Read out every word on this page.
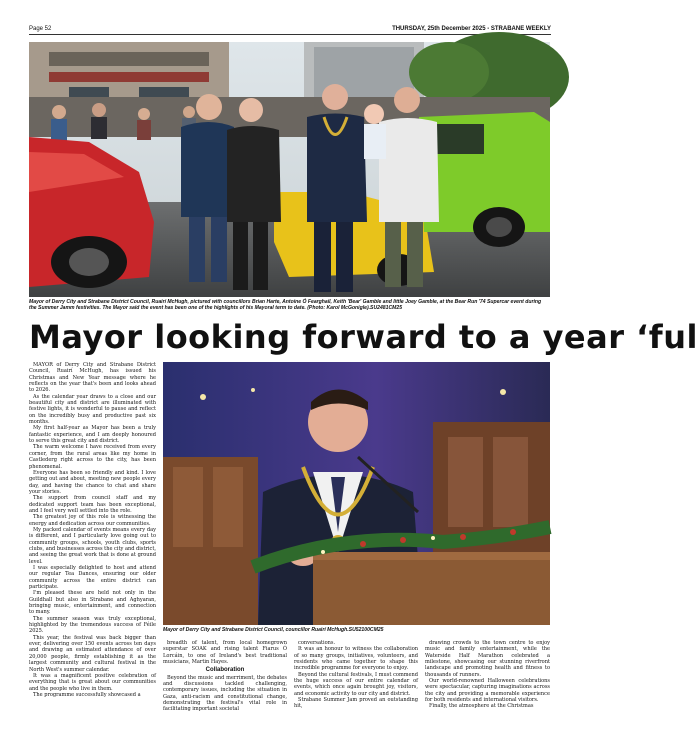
Page 52	THURSDAY, 25th December 2025 - STRABANE WEEKLY
Mayor of Derry City and Strabane District Council, Ruairí McHugh, pictured with councillors Brian Harte, Antoine Ó Fearghail, Keith 'Bear' Gamble and little Joey Gamble, at the Bear Run '74 Supercar event during the Summer Jamm festivities. The Mayor said the event has been one of the highlights of his Mayoral term to date. (Photo: Karol McGonigle).SU2481CM25
Mayor looking forward to a year ‘ful

MAYOR of Derry City and Strabane District Council, Ruairí McHugh, has issued his Christmas and New Year message where he reflects on the year that's been and looks ahead to 2026.

As the calendar year draws to a close and our beautiful city and district are illuminated with festive lights, it is wonderful to pause and reflect on the incredibly busy and productive past six months.

My first half-year as Mayor has been a truly fantastic experience, and I am deeply honoured to serve this great city and district.

The warm welcome I have received from every corner, from the rural areas like my home in Castlederg right across to the city, has been phenomenal.

Everyone has been so friendly and kind. I love getting out and about, meeting new people every day, and having the chance to chat and share your stories.

The support from council staff and my dedicated support team has been exceptional, and I feel very well settled into the role.

The greatest joy of this role is witnessing the energy and dedication across our communities.

My packed calendar of events means every day is different, and I particularly love going out to community groups, schools, youth clubs, sports clubs, and businesses across the city and district, and seeing the great work that is done at ground level.

I was especially delighted to host and attend our regular Tea Dances, ensuring our older community across the entire district can participate.

I'm pleased these are held not only in the Guildhall but also in Strabane and Aghyaran, bringing music, entertainment, and connection to many.

The summer season was truly exceptional, highlighted by the tremendous success of Féile 2025.

This year, the festival was back bigger than ever, delivering over 150 events across ten days and drawing an estimated attendance of over 20,000 people, firmly establishing it as the largest community and cultural festival in the North West's summer calendar.

It was a magnificent positive celebration of everything that is great about our communities and the people who live in them.

The programme successfully showcased a

Mayor of Derry City and Strabane District Council, councillor Ruairí McHugh.SU52100CM25

breadth of talent, from local homegrown superstar SOAK and rising talent Fiarus Ó Lorcáin, to one of Ireland's best traditional musicians, Martin Hayes.

Collaboration

Beyond the music and merriment, the debates and discussions tackled challenging, contemporary issues, including the situation in Gaza, anti-racism and constitutional change, demonstrating the festival's vital role in facilitating important societal

conversations.

It was an honour to witness the collaboration of so many groups, initiatives, volunteers, and residents who came together to shape this incredible programme for everyone to enjoy.

Beyond the cultural festivals, I must commend the huge success of our entire calendar of events, which once again brought joy, visitors, and economic activity to our city and district.

Strabane Summer Jam proved an outstanding hit,

drawing crowds to the town centre to enjoy music and family entertainment, while the Waterside Half Marathon celebrated a milestone, showcasing our stunning riverfront landscape and promoting health and fitness to thousands of runners.

Our world-renowned Halloween celebrations were spectacular, capturing imaginations across the city and providing a memorable experience for both residents and international visitors.

Finally, the atmosphere at the Christmas
